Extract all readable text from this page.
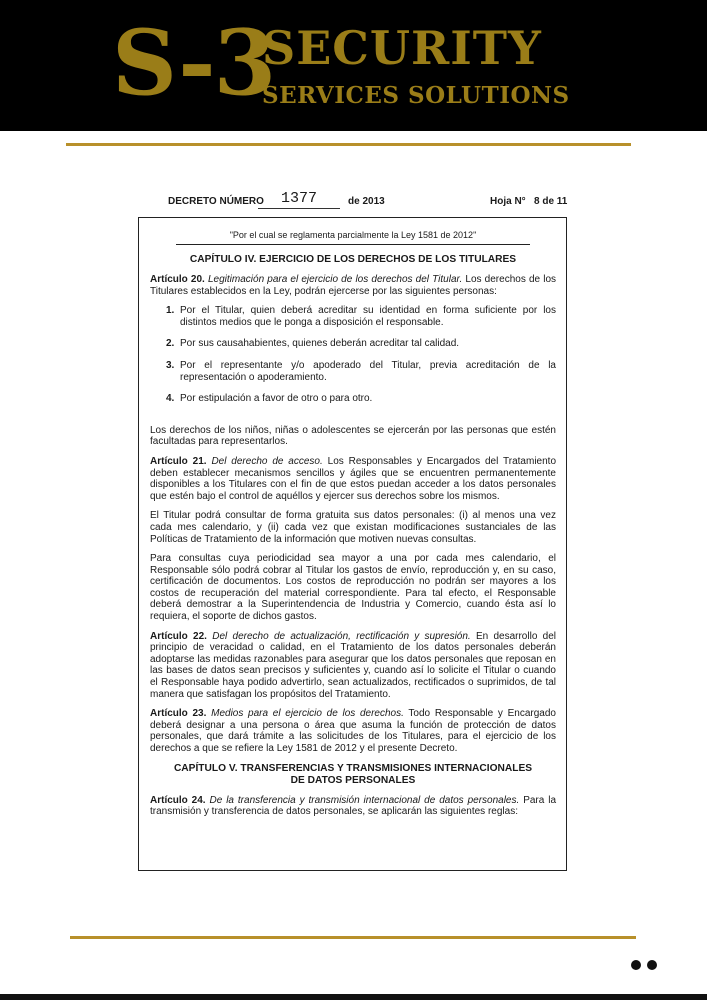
S-3
SECURITY
SERVICES SOLUTIONS
DECRETO NÚMERO	1377	de 2013	Hoja N° 8 de 11
"Por el cual se reglamenta parcialmente la Ley 1581 de 2012"
CAPÍTULO IV. EJERCICIO DE LOS DERECHOS DE LOS TITULARES

Artículo 20. Legitimación para el ejercicio de los derechos del Titular. Los derechos de los Titulares establecidos en la Ley, podrán ejercerse por las siguientes personas:

1. Por el Titular, quien deberá acreditar su identidad en forma suficiente por los distintos medios que le ponga a disposición el responsable.
2. Por sus causahabientes, quienes deberán acreditar tal calidad.
3. Por el representante y/o apoderado del Titular, previa acreditación de la representación o apoderamiento.
4. Por estipulación a favor de otro o para otro.

Los derechos de los niños, niñas o adolescentes se ejercerán por las personas que estén facultadas para representarlos.

Artículo 21. Del derecho de acceso. Los Responsables y Encargados del Tratamiento deben establecer mecanismos sencillos y ágiles que se encuentren permanentemente disponibles a los Titulares con el fin de que estos puedan acceder a los datos personales que estén bajo el control de aquéllos y ejercer sus derechos sobre los mismos.

El Titular podrá consultar de forma gratuita sus datos personales: (i) al menos una vez cada mes calendario, y (ii) cada vez que existan modificaciones sustanciales de las Políticas de Tratamiento de la información que motiven nuevas consultas.

Para consultas cuya periodicidad sea mayor a una por cada mes calendario, el Responsable sólo podrá cobrar al Titular los gastos de envío, reproducción y, en su caso, certificación de documentos. Los costos de reproducción no podrán ser mayores a los costos de recuperación del material correspondiente. Para tal efecto, el Responsable deberá demostrar a la Superintendencia de Industria y Comercio, cuando ésta así lo requiera, el soporte de dichos gastos.

Artículo 22. Del derecho de actualización, rectificación y supresión. En desarrollo del principio de veracidad o calidad, en el Tratamiento de los datos personales deberán adoptarse las medidas razonables para asegurar que los datos personales que reposan en las bases de datos sean precisos y suficientes y, cuando así lo solicite el Titular o cuando el Responsable haya podido advertirlo, sean actualizados, rectificados o suprimidos, de tal manera que satisfagan los propósitos del Tratamiento.

Artículo 23. Medios para el ejercicio de los derechos. Todo Responsable y Encargado deberá designar a una persona o área que asuma la función de protección de datos personales, que dará trámite a las solicitudes de los Titulares, para el ejercicio de los derechos a que se refiere la Ley 1581 de 2012 y el presente Decreto.

CAPÍTULO V. TRANSFERENCIAS Y TRANSMISIONES INTERNACIONALES DE DATOS PERSONALES

Artículo 24. De la transferencia y transmisión internacional de datos personales. Para la transmisión y transferencia de datos personales, se aplicarán las siguientes reglas:
